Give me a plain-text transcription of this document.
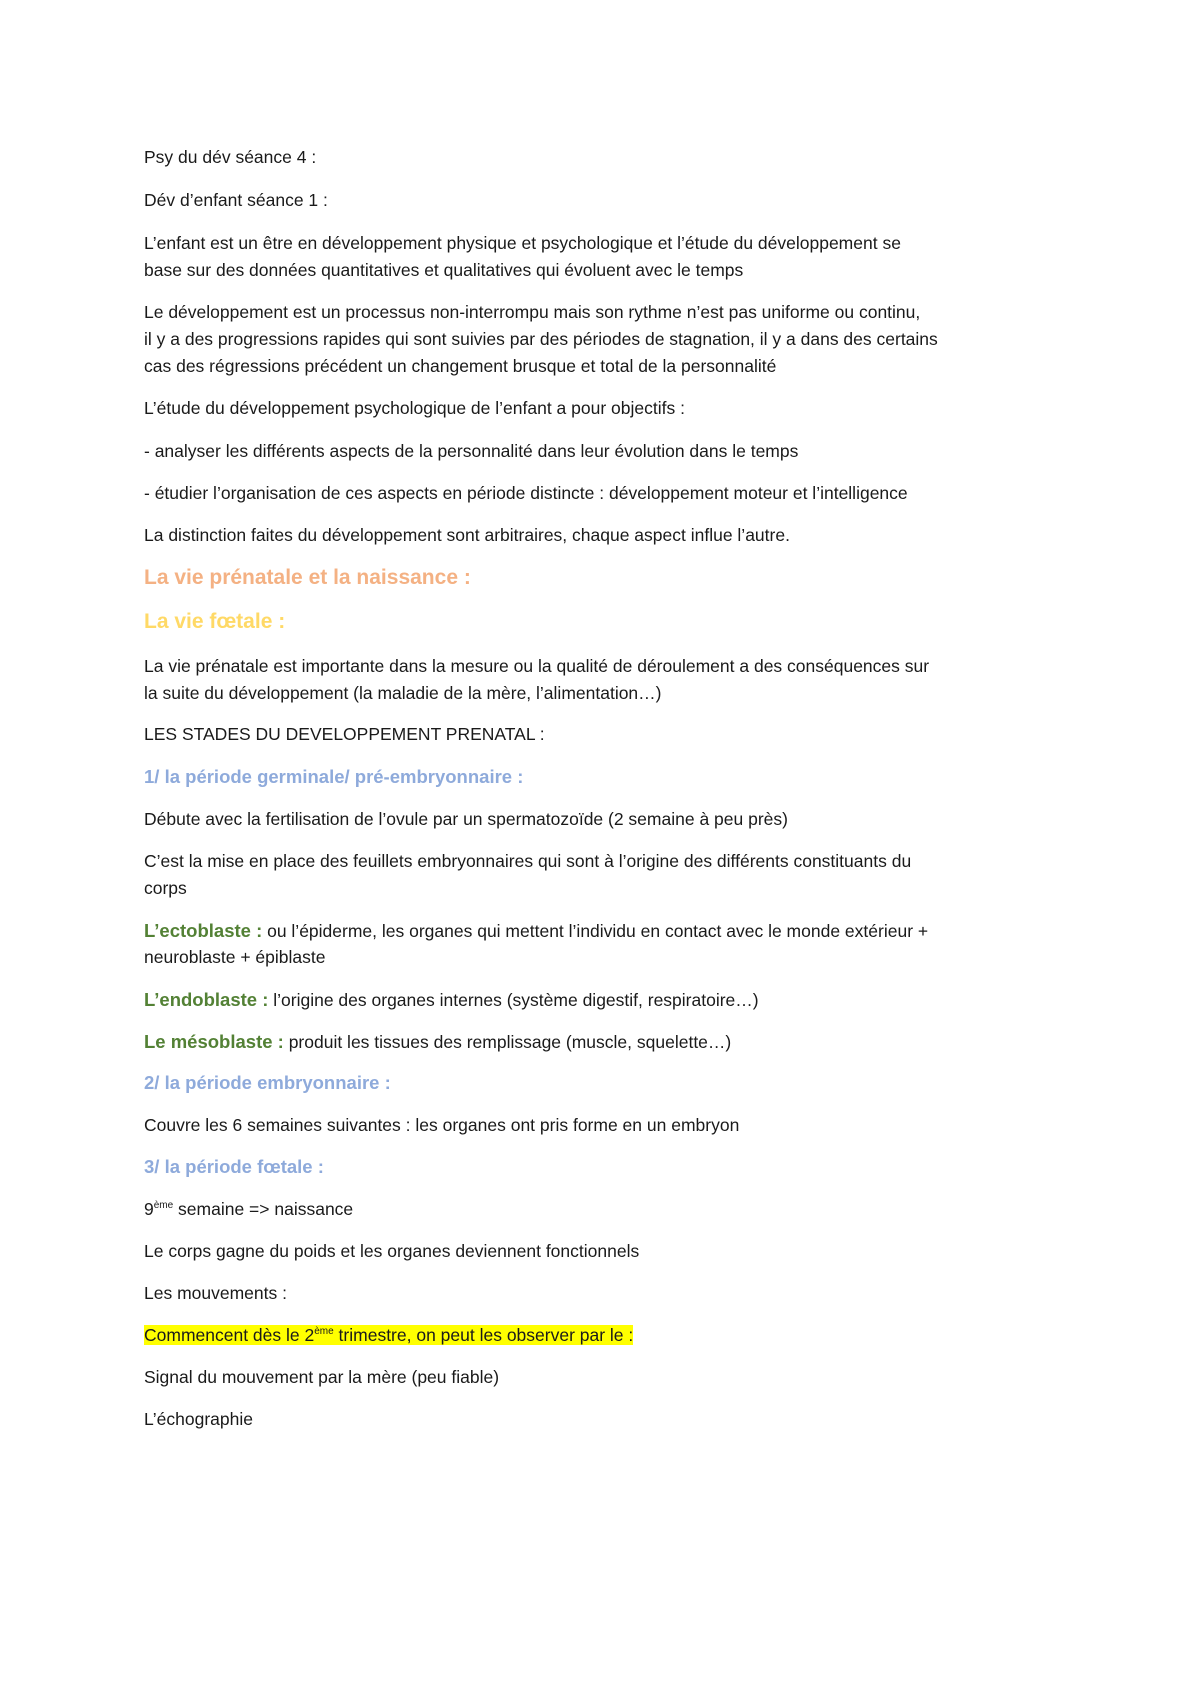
Psy du dév séance 4 :
Dév d’enfant séance 1 :
L’enfant est un être en développement physique et psychologique et l’étude du développement se
base sur des données quantitatives et qualitatives qui évoluent avec le temps
Le développement est un processus non-interrompu mais son rythme n’est pas uniforme ou continu,
il y a des progressions rapides qui sont suivies par des périodes de stagnation, il y a dans des certains
cas des régressions précédent un changement brusque et total de la personnalité
L’étude du développement psychologique de l’enfant a pour objectifs :
- analyser les différents aspects de la personnalité dans leur évolution dans le temps
- étudier l’organisation de ces aspects en période distincte : développement moteur et l’intelligence
La distinction faites du développement sont arbitraires, chaque aspect influe l’autre.
La vie prénatale et la naissance :
La vie fœtale :
La vie prénatale est importante dans la mesure ou la qualité de déroulement a des conséquences sur
la suite du développement (la maladie de la mère, l’alimentation…)
LES STADES DU DEVELOPPEMENT PRENATAL :
1/ la période germinale/ pré-embryonnaire :
Débute avec la fertilisation de l’ovule par un spermatozoïde (2 semaine à peu près)
C’est la mise en place des feuillets embryonnaires qui sont à l’origine des différents constituants du
corps
L’ectoblaste : ou l’épiderme, les organes qui mettent l’individu en contact avec le monde extérieur +
neuroblaste + épiblaste
L’endoblaste : l’origine des organes internes (système digestif, respiratoire…)
Le mésoblaste : produit les tissues des remplissage (muscle, squelette…)
2/ la période embryonnaire :
Couvre les 6 semaines suivantes : les organes ont pris forme en un embryon
3/ la période fœtale :
9ème semaine => naissance
Le corps gagne du poids et les organes deviennent fonctionnels
Les mouvements :
Commencent dès le 2ème trimestre, on peut les observer par le :
Signal du mouvement par la mère (peu fiable)
L’échographie
